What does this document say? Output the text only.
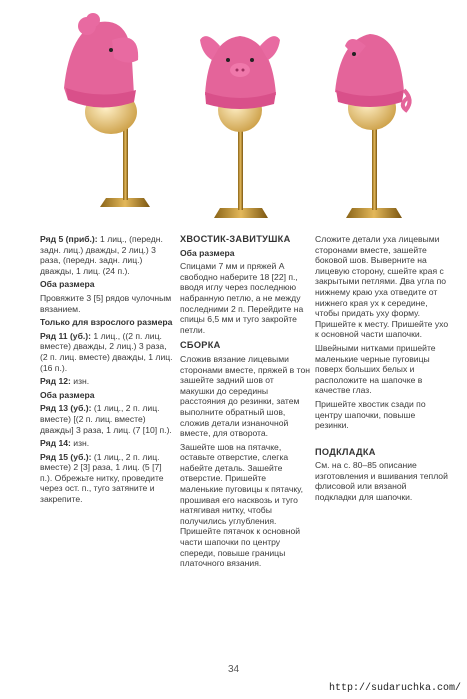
Ряд 5 (приб.): 1 лиц., (передн. задн. лиц.) дважды, 2 лиц.) 3 раза, (передн. задн. лиц.) дважды, 1 лиц. (24 п.).

Оба размера

Провяжите 3 [5] рядов чулочным вязанием.

Только для взрослого размера

Ряд 11 (уб.): 1 лиц., ((2 п. лиц. вместе) дважды, 2 лиц.) 3 раза, (2 п. лиц. вместе) дважды, 1 лиц. (16 п.).

Ряд 12: изн.

Оба размера

Ряд 13 (уб.): (1 лиц., 2 п. лиц. вместе) [(2 п. лиц. вместе) дважды] 3 раза, 1 лиц. (7 [10] п.).

Ряд 14: изн.

Ряд 15 (уб.): (1 лиц., 2 п. лиц. вместе) 2 [3] раза, 1 лиц. (5 [7] п.). Обрежьте нитку, проведите через ост. п., туго затяните и закрепите.

ХВОСТИК-ЗАВИТУШКА

Оба размера

Спицами 7 мм и пряжей А свободно наберите 18 [22] п., вводя иглу через последнюю набранную петлю, а не между последними 2 п. Перейдите на спицы 6,5 мм и туго закройте петли.

СБОРКА

Сложив вязание лицевыми сторонами вместе, пряжей в тон зашейте задний шов от макушки до середины расстояния до резинки, затем выполните обратный шов, сложив детали изнаночной вместе, для отворота.

Зашейте шов на пятачке, оставьте отверстие, слегка набейте деталь. Зашейте отверстие. Пришейте маленькие пуговицы к пятачку, прошивая его насквозь и туго натягивая нитку, чтобы получились углубления. Пришейте пятачок к основной части шапочки по центру спереди, повыше границы платочного вязания.

Сложите детали уха лицевыми сторонами вместе, зашейте боковой шов. Выверните на лицевую сторону, сшейте края с закрытыми петлями. Два угла по нижнему краю уха отведите от нижнего края ух к середине, чтобы придать уху форму. Пришейте к месту. Пришейте ухо к основной части шапочки.

Швейными нитками пришейте маленькие черные пуговицы поверх больших белых и расположите на шапочке в качестве глаз.

Пришейте хвостик сзади по центру шапочки, повыше резинки.

ПОДКЛАДКА

См. на с. 80–85 описание изготовления и вшивания теплой флисовой или вязаной подкладки для шапочки.

34
http://sudaruchka.com/
